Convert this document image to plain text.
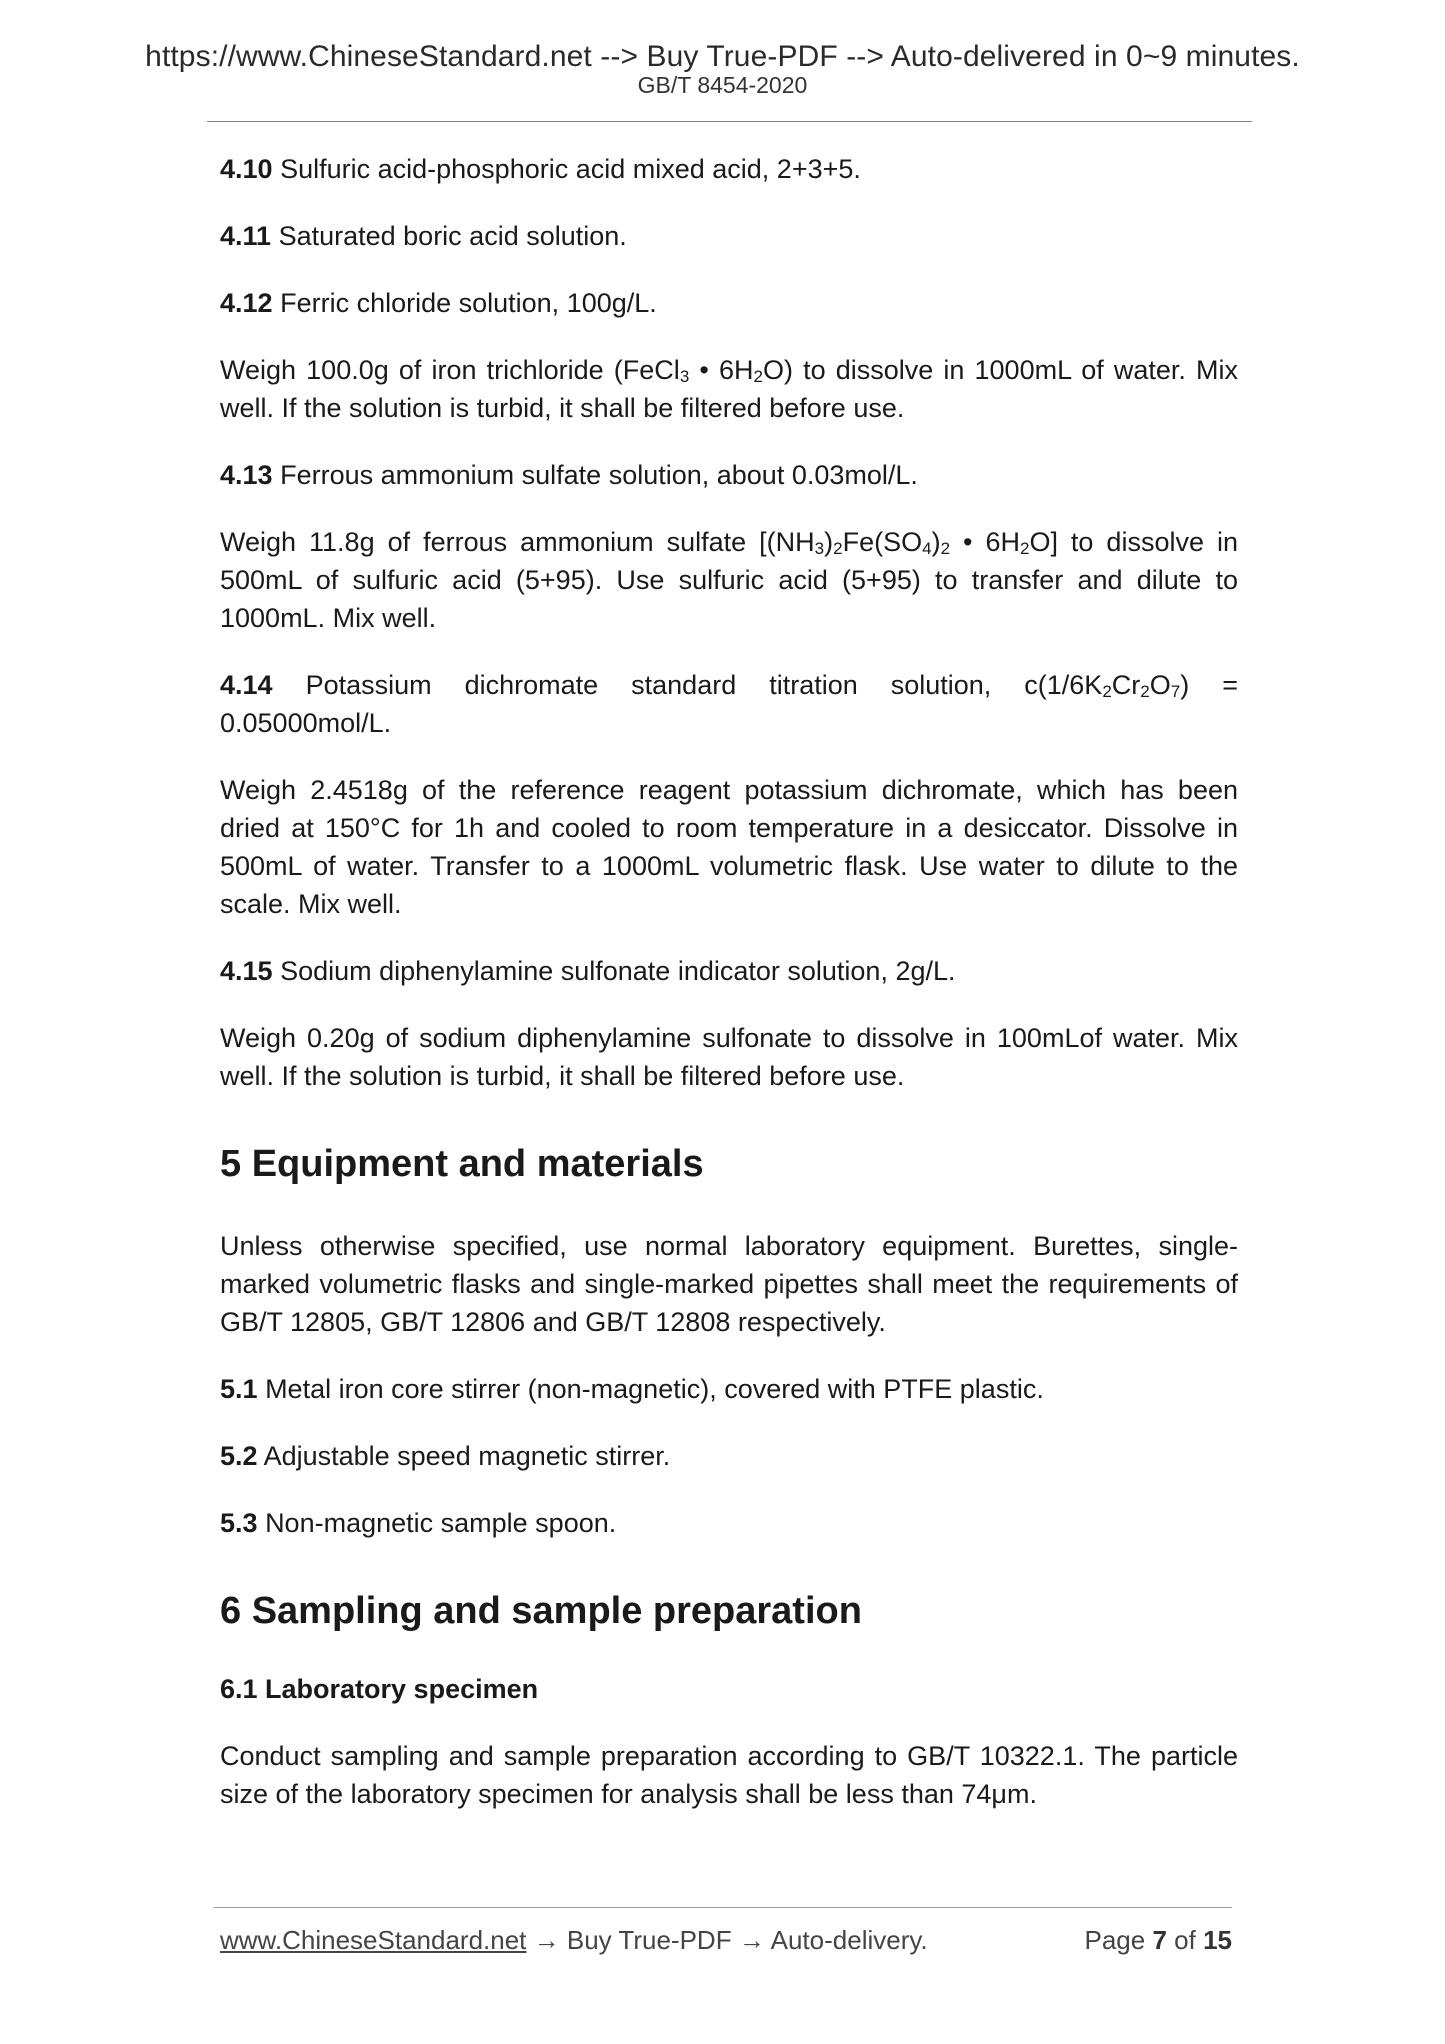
https://www.ChineseStandard.net --> Buy True-PDF --> Auto-delivered in 0~9 minutes.
GB/T 8454-2020

4.10 Sulfuric acid-phosphoric acid mixed acid, 2+3+5.

4.11 Saturated boric acid solution.

4.12 Ferric chloride solution, 100g/L.

Weigh 100.0g of iron trichloride (FeCl$_3$ • $6H_2O$) to dissolve in 1000mL of water. Mix well. If the solution is turbid, it shall be filtered before use.

4.13 Ferrous ammonium sulfate solution, about 0.03mol/L.

Weigh 11.8g of ferrous ammonium sulfate [$(NH_3)_2Fe(SO_4)_2$ • $6H_2O$] to dissolve in 500mL of sulfuric acid (5+95). Use sulfuric acid (5+95) to transfer and dilute to 1000mL. Mix well.

4.14 Potassium dichromate standard titration solution, $c(1/6K_2Cr_2O_7)$ =

0.05000mol/L.

Weigh 2.4518g of the reference reagent potassium dichromate, which has been dried at 150°C for 1h and cooled to room temperature in a desiccator. Dissolve in 500mL of water. Transfer to a 1000mL volumetric flask. Use water to dilute to the scale. Mix well.

4.15 Sodium diphenylamine sulfonate indicator solution, 2g/L.

Weigh 0.20g of sodium diphenylamine sulfonate to dissolve in 100mLof water. Mix well. If the solution is turbid, it shall be filtered before use.

5 Equipment and materials

Unless otherwise specified, use normal laboratory equipment. Burettes, single-marked volumetric flasks and single-marked pipettes shall meet the requirements of GB/T 12805, GB/T 12806 and GB/T 12808 respectively.

5.1 Metal iron core stirrer (non-magnetic), covered with PTFE plastic.

5.2 Adjustable speed magnetic stirrer.

5.3 Non-magnetic sample spoon.

6 Sampling and sample preparation
6.1 Laboratory specimen

Conduct sampling and sample preparation according to GB/T 10322.1. The particle size of the laboratory specimen for analysis shall be less than 74μm.

www.ChineseStandard.net → Buy True-PDF → Auto-delivery.	Page 7 of 15
